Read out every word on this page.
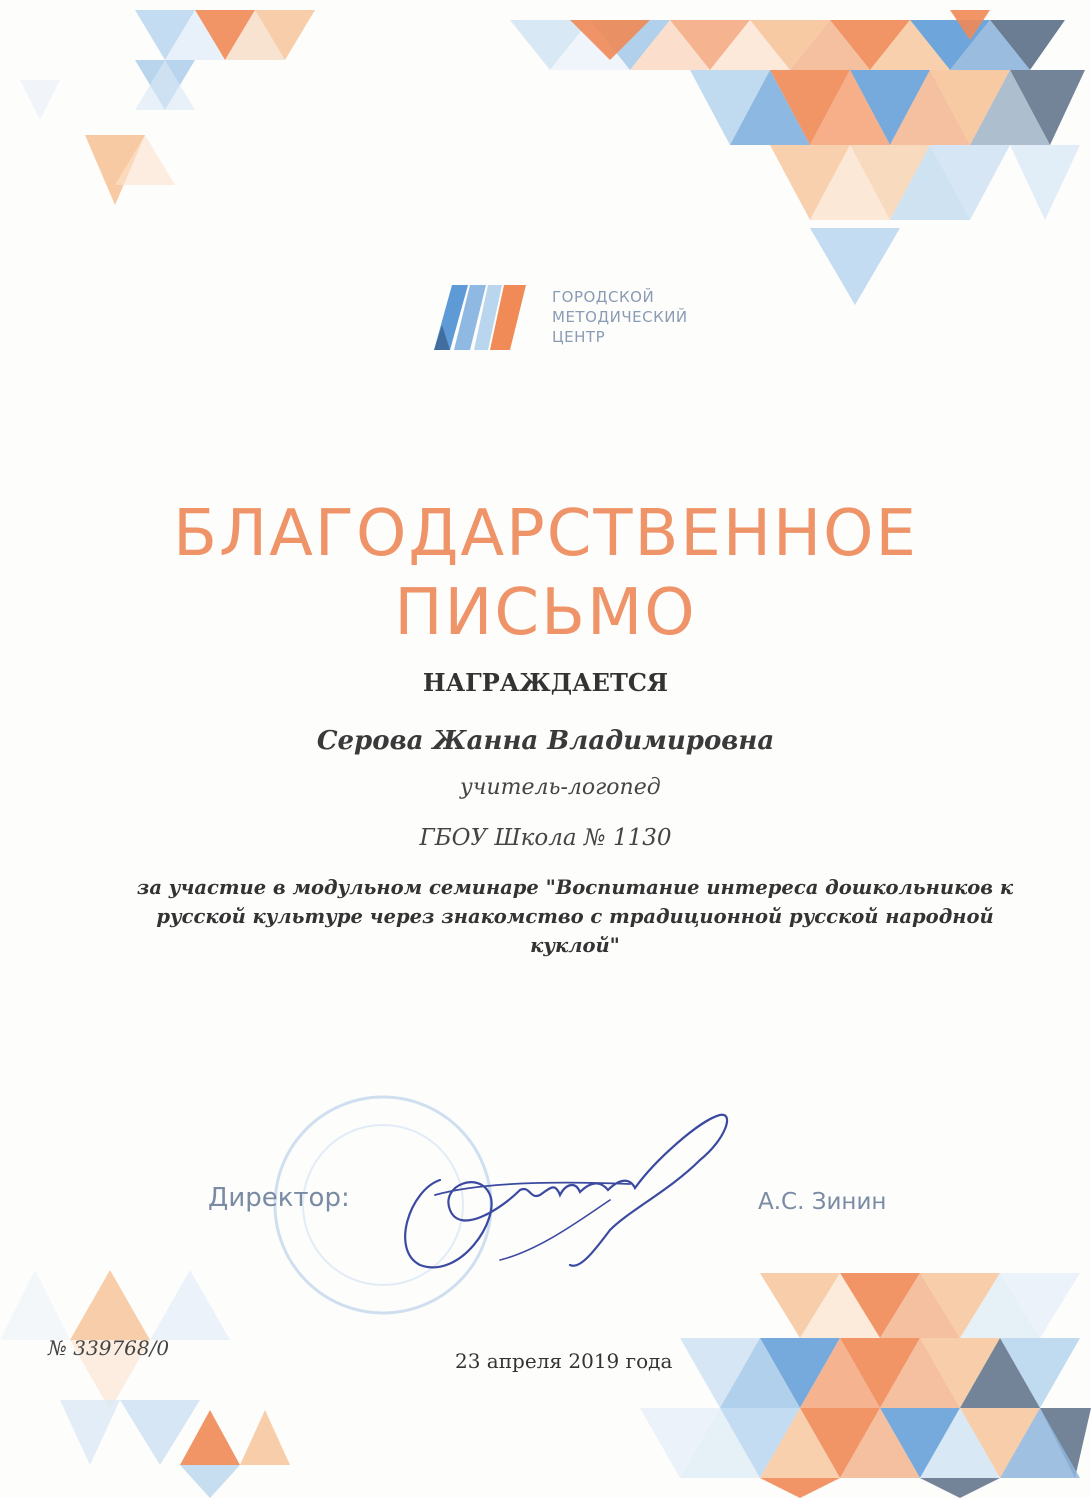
ГОРОДСКОЙ
МЕТОДИЧЕСКИЙ
ЦЕНТР
БЛАГОДАРСТВЕННОЕ
ПИСЬМО
НАГРАЖДАЕТСЯ
Серова Жанна Владимировна
учитель-логопед
ГБОУ Школа № 1130
за участие в модульном семинаре "Воспитание интереса дошкольников к
русской культуре через знакомство с традиционной русской народной
куклой"
Директор:	А.С. Зинин
№ 339768/0
23 апреля 2019 года
